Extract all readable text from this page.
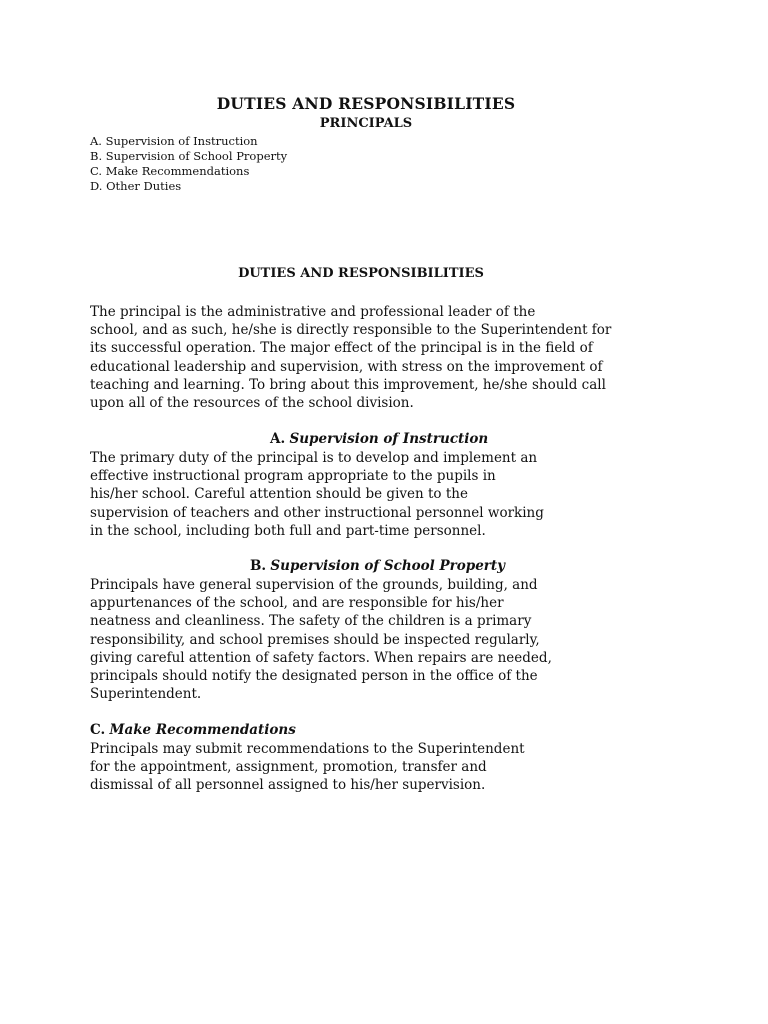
DUTIES AND RESPONSIBILITIES
PRINCIPALS
A. Supervision of Instruction
B. Supervision of School Property
C. Make Recommendations
D. Other Duties
DUTIES AND RESPONSIBILITIES
The principal is the administrative and professional leader of the
school, and as such, he/she is directly responsible to the Superintendent for
its successful operation. The major effect of the principal is in the field of
educational leadership and supervision, with stress on the improvement of
teaching and learning. To bring about this improvement, he/she should call
upon all of the resources of the school division.
A. Supervision of Instruction
The primary duty of the principal is to develop and implement an
effective instructional program appropriate to the pupils in
his/her school. Careful attention should be given to the
supervision of teachers and other instructional personnel working
in the school, including both full and part-time personnel.
B. Supervision of School Property
Principals have general supervision of the grounds, building, and
appurtenances of the school, and are responsible for his/her
neatness and cleanliness. The safety of the children is a primary
responsibility, and school premises should be inspected regularly,
giving careful attention of safety factors. When repairs are needed,
principals should notify the designated person in the office of the
Superintendent.
C. Make Recommendations
Principals may submit recommendations to the Superintendent
for the appointment, assignment, promotion, transfer and
dismissal of all personnel assigned to his/her supervision.
